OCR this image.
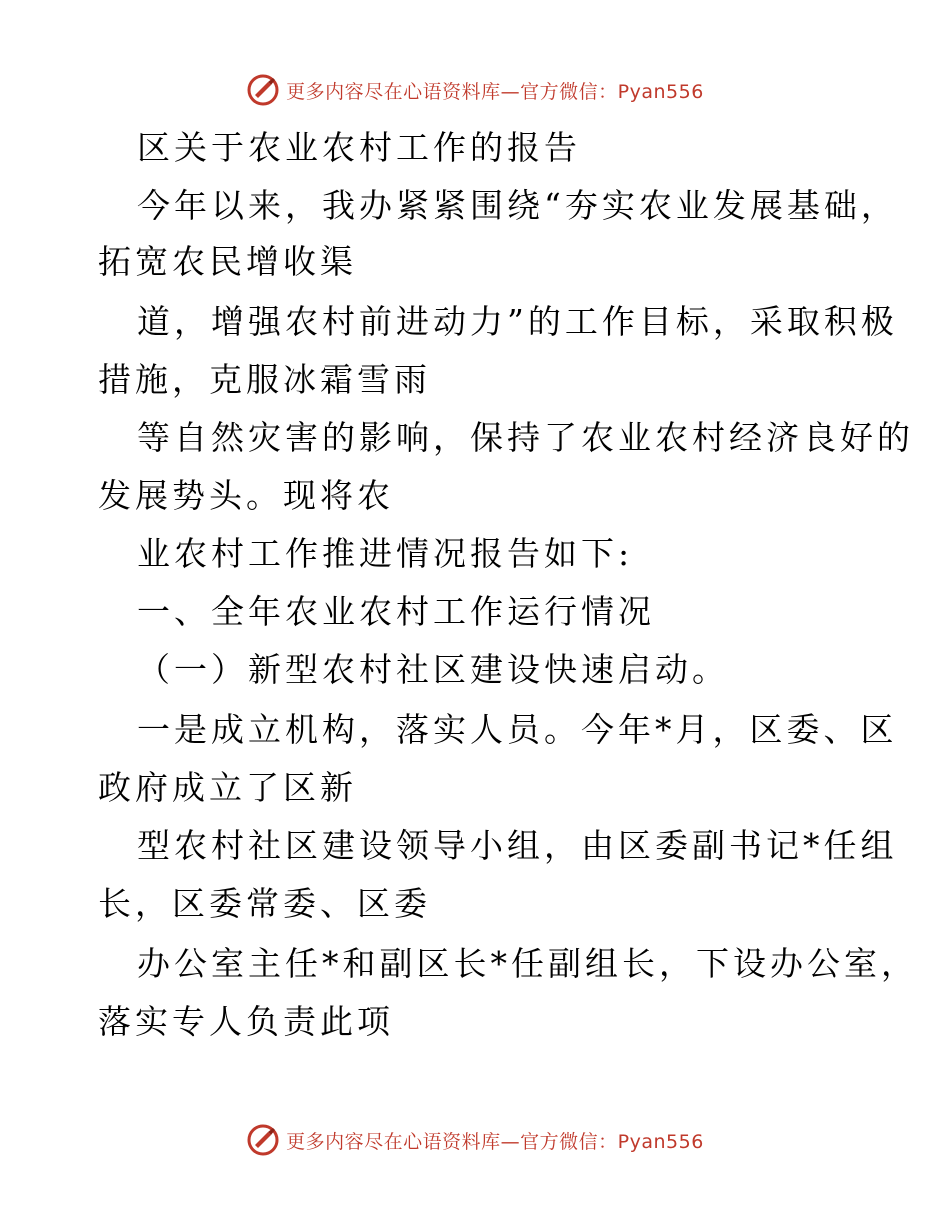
更多内容尽在心语资料库—官方微信：Pyan556
区关于农业农村工作的报告
今年以来，我办紧紧围绕“夯实农业发展基础，
拓宽农民增收渠
道，增强农村前进动力”的工作目标，采取积极
措施，克服冰霜雪雨
等自然灾害的影响，保持了农业农村经济良好的
发展势头。现将农
业农村工作推进情况报告如下:
一、全年农业农村工作运行情况
（一）新型农村社区建设快速启动。
一是成立机构，落实人员。今年*月，区委、区
政府成立了区新
型农村社区建设领导小组，由区委副书记*任组
长，区委常委、区委
办公室主任*和副区长*任副组长，下设办公室，
落实专人负责此项
更多内容尽在心语资料库—官方微信：Pyan556
